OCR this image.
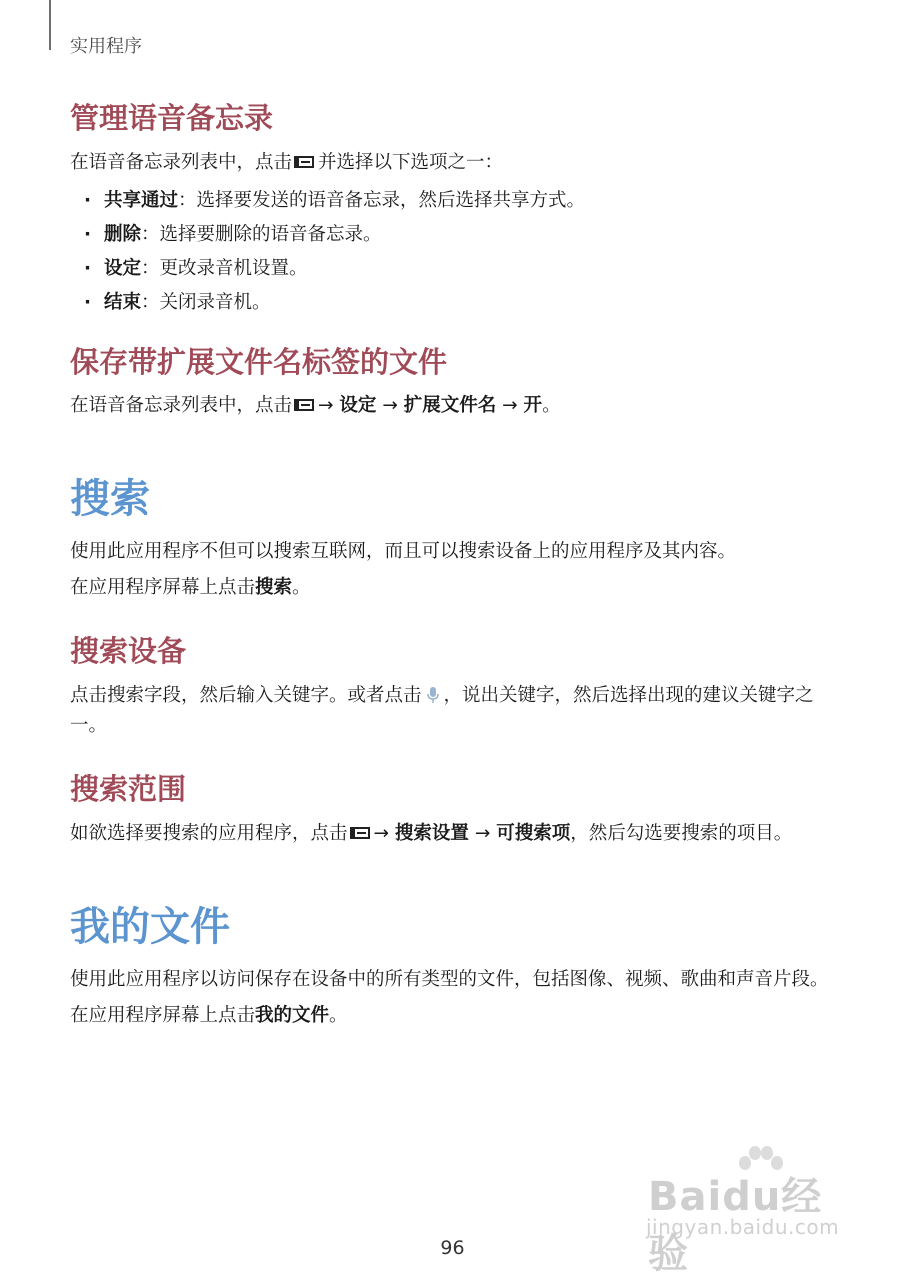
实用程序
管理语音备忘录

在语音备忘录列表中，点击 并选择以下选项之一：

· 共享通过：选择要发送的语音备忘录，然后选择共享方式。
· 删除：选择要删除的语音备忘录。
· 设定：更改录音机设置。
· 结束：关闭录音机。
保存带扩展文件名标签的文件

在语音备忘录列表中，点击 → 设定 → 扩展文件名 → 开。

搜索

使用此应用程序不但可以搜索互联网，而且可以搜索设备上的应用程序及其内容。

在应用程序屏幕上点击搜索。

搜索设备

点击搜索字段，然后输入关键字。或者点击 ，说出关键字，然后选择出现的建议关键字之一。

搜索范围

如欲选择要搜索的应用程序，点击 → 搜索设置 → 可搜索项，然后勾选要搜索的项目。

我的文件

使用此应用程序以访问保存在设备中的所有类型的文件，包括图像、视频、歌曲和声音片段。

在应用程序屏幕上点击我的文件。

Baidu经验
jingyan.baidu.com
96
